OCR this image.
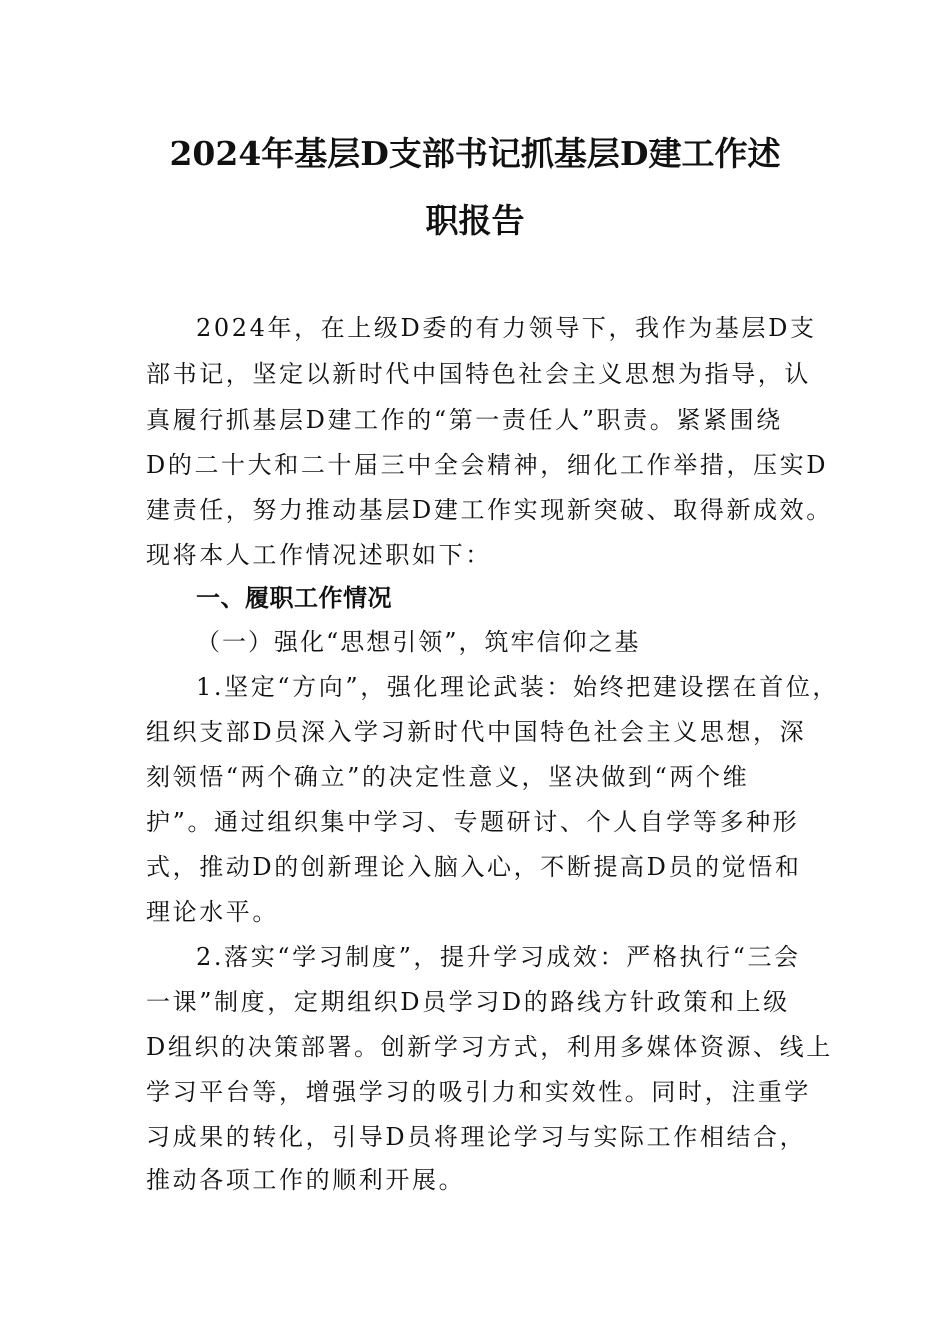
2024年基层D支部书记抓基层D建工作述
职报告
2024年，在上级D委的有力领导下，我作为基层D支
部书记，坚定以新时代中国特色社会主义思想为指导，认
真履行抓基层D建工作的“第一责任人”职责。紧紧围绕
D的二十大和二十届三中全会精神，细化工作举措，压实D
建责任，努力推动基层D建工作实现新突破、取得新成效。
现将本人工作情况述职如下：
一、履职工作情况
（一）强化“思想引领”，筑牢信仰之基
1.坚定“方向”，强化理论武装：始终把建设摆在首位，
组织支部D员深入学习新时代中国特色社会主义思想，深
刻领悟“两个确立”的决定性意义，坚决做到“两个维
护”。通过组织集中学习、专题研讨、个人自学等多种形
式，推动D的创新理论入脑入心，不断提高D员的觉悟和
理论水平。
2.落实“学习制度”，提升学习成效：严格执行“三会
一课”制度，定期组织D员学习D的路线方针政策和上级
D组织的决策部署。创新学习方式，利用多媒体资源、线上
学习平台等，增强学习的吸引力和实效性。同时，注重学
习成果的转化，引导D员将理论学习与实际工作相结合，
推动各项工作的顺利开展。
